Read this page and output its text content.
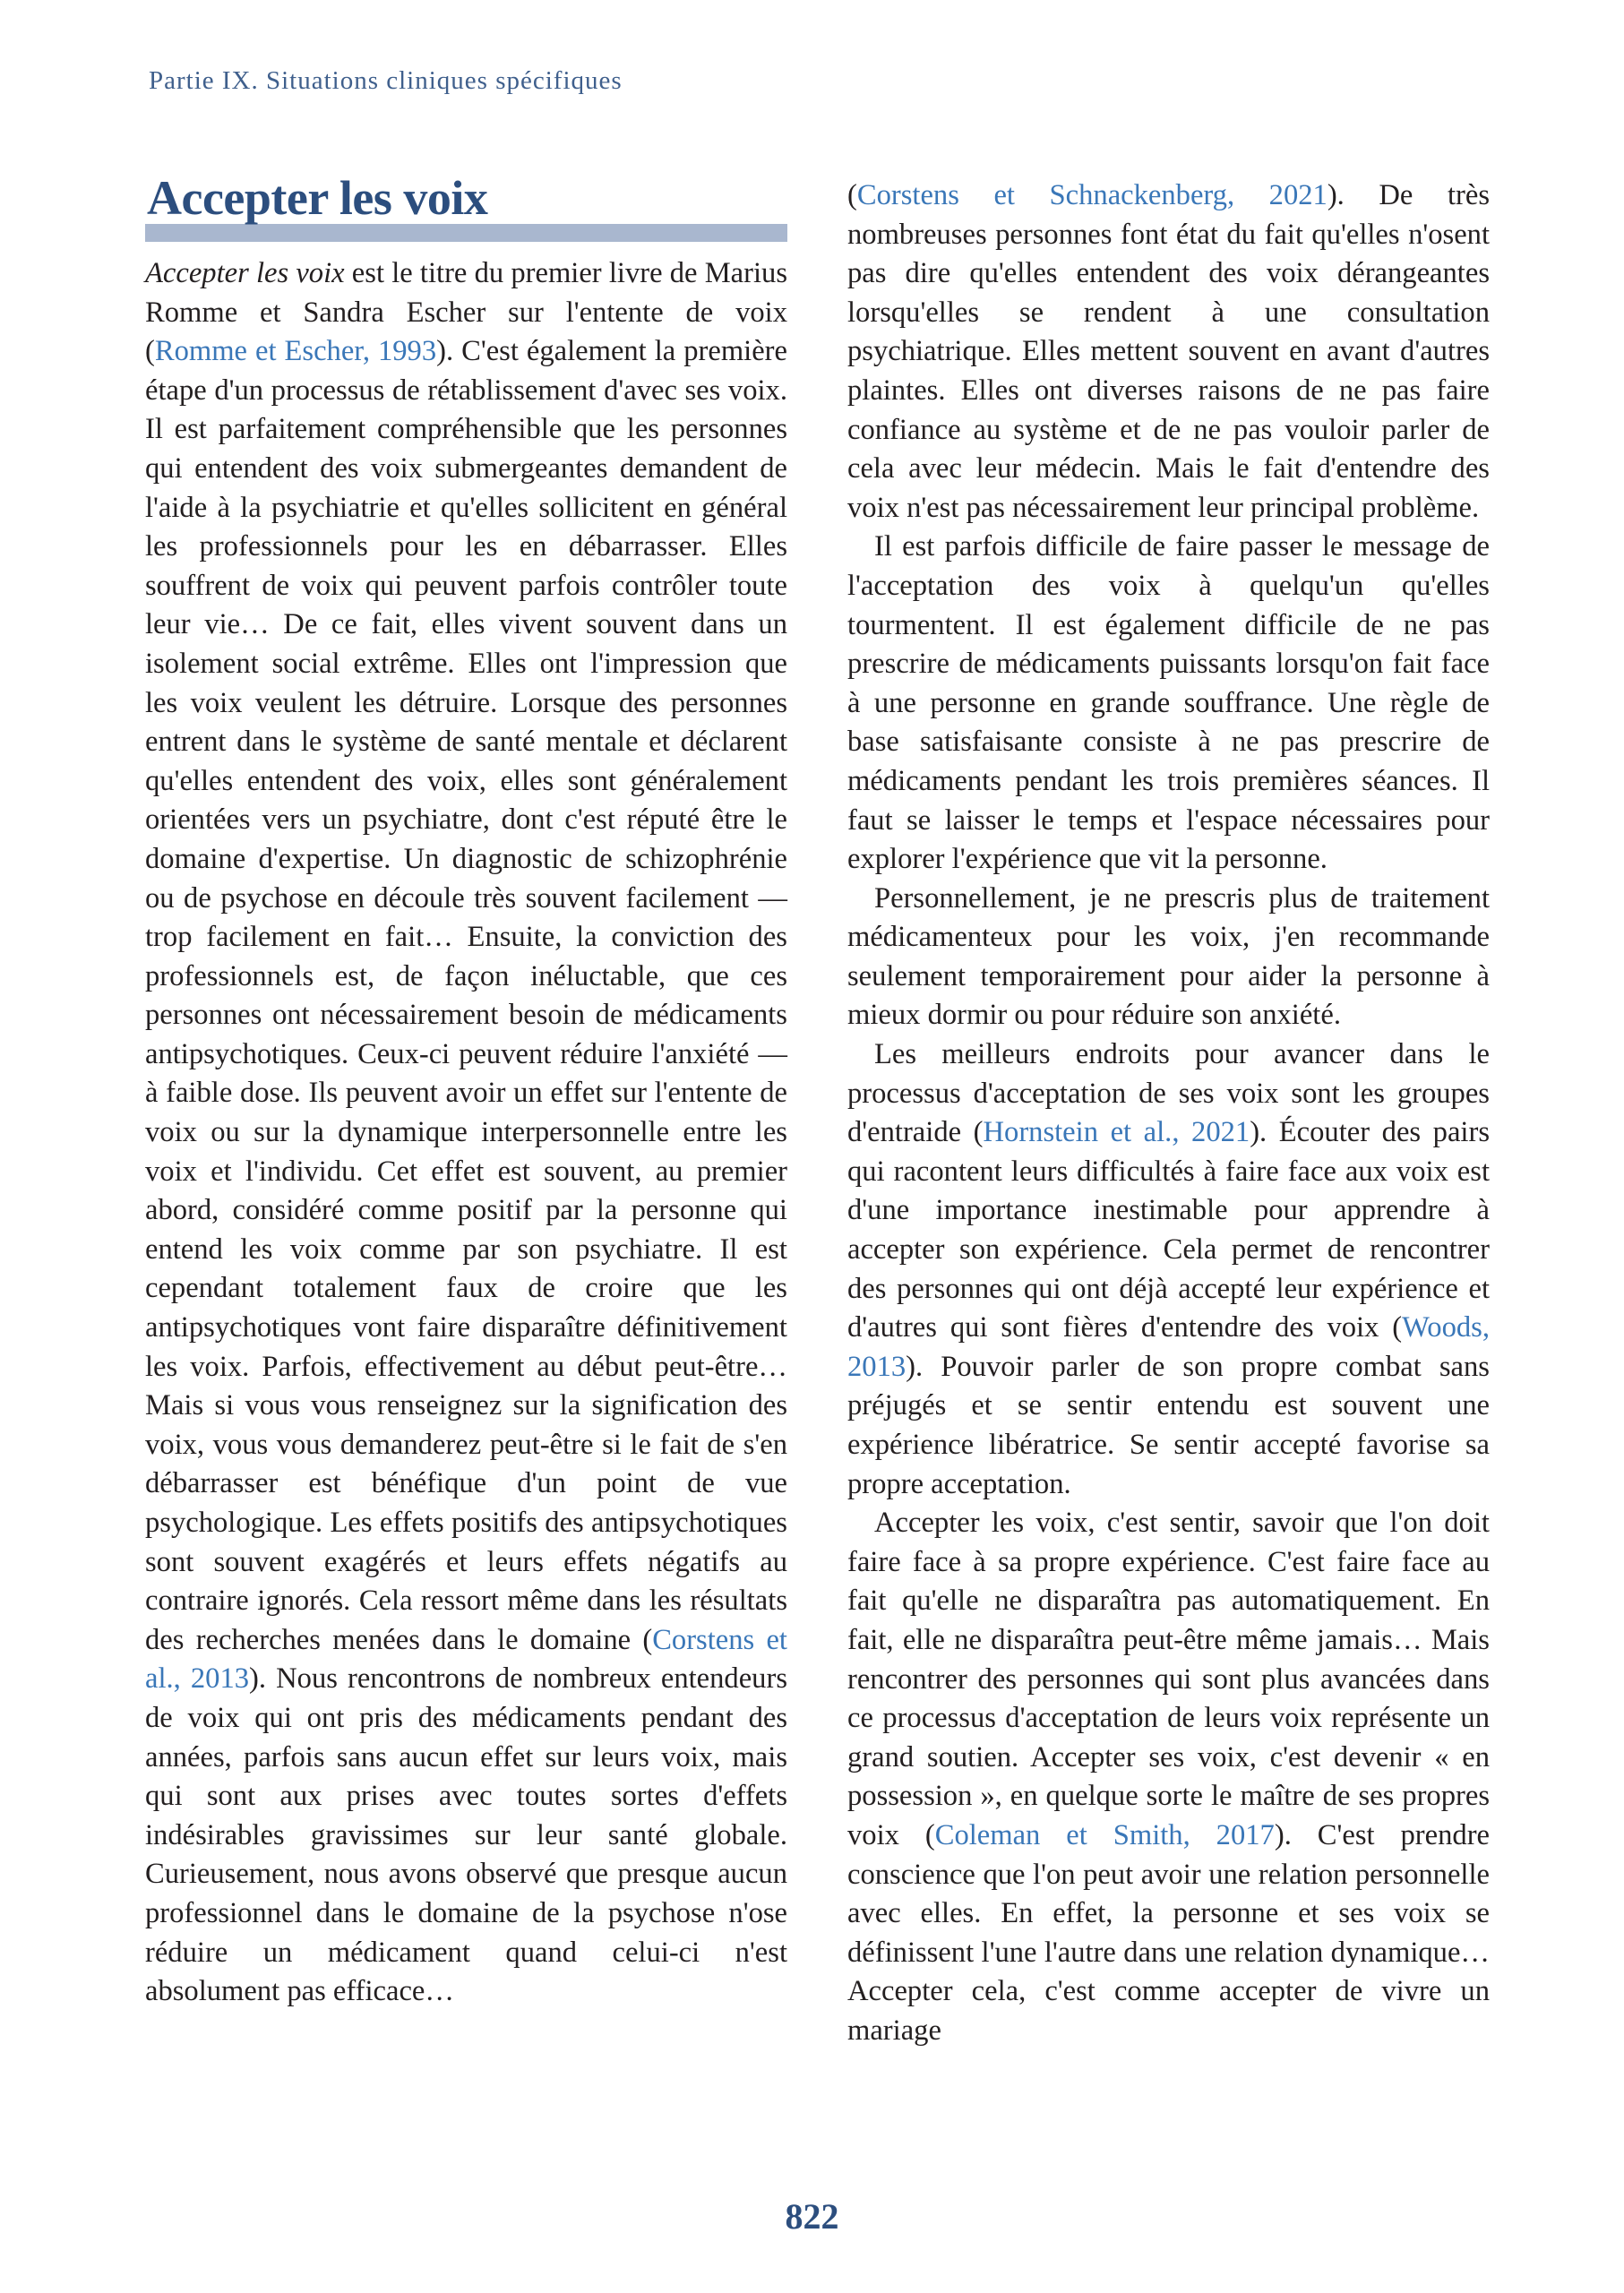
Partie IX. Situations cliniques spécifiques
Accepter les voix

Accepter les voix est le titre du premier livre de Marius Romme et Sandra Escher sur l'entente de voix (Romme et Escher, 1993). C'est également la première étape d'un processus de rétablissement d'avec ses voix. Il est parfaitement compréhensible que les personnes qui entendent des voix submergeantes demandent de l'aide à la psychiatrie et qu'elles sollicitent en général les professionnels pour les en débarrasser. Elles souffrent de voix qui peuvent parfois contrôler toute leur vie… De ce fait, elles vivent souvent dans un isolement social extrême. Elles ont l'impression que les voix veulent les détruire. Lorsque des personnes entrent dans le système de santé mentale et déclarent qu'elles entendent des voix, elles sont généralement orientées vers un psychiatre, dont c'est réputé être le domaine d'expertise. Un diagnostic de schizophrénie ou de psychose en découle très souvent facilement — trop facilement en fait… Ensuite, la conviction des professionnels est, de façon inéluctable, que ces personnes ont nécessairement besoin de médicaments antipsychotiques. Ceux-ci peuvent réduire l'anxiété — à faible dose. Ils peuvent avoir un effet sur l'entente de voix ou sur la dynamique interpersonnelle entre les voix et l'individu. Cet effet est souvent, au premier abord, considéré comme positif par la personne qui entend les voix comme par son psychiatre. Il est cependant totalement faux de croire que les antipsychotiques vont faire disparaître définitivement les voix. Parfois, effectivement au début peut-être… Mais si vous vous renseignez sur la signification des voix, vous vous demanderez peut-être si le fait de s'en débarrasser est bénéfique d'un point de vue psychologique. Les effets positifs des antipsychotiques sont souvent exagérés et leurs effets négatifs au contraire ignorés. Cela ressort même dans les résultats des recherches menées dans le domaine (Corstens et al., 2013). Nous rencontrons de nombreux entendeurs de voix qui ont pris des médicaments pendant des années, parfois sans aucun effet sur leurs voix, mais qui sont aux prises avec toutes sortes d'effets indésirables gravissimes sur leur santé globale. Curieusement, nous avons observé que presque aucun professionnel dans le domaine de la psychose n'ose réduire un médicament quand celui-ci n'est absolument pas efficace…

(Corstens et Schnackenberg, 2021). De très nombreuses personnes font état du fait qu'elles n'osent pas dire qu'elles entendent des voix dérangeantes lorsqu'elles se rendent à une consultation psychiatrique. Elles mettent souvent en avant d'autres plaintes. Elles ont diverses raisons de ne pas faire confiance au système et de ne pas vouloir parler de cela avec leur médecin. Mais le fait d'entendre des voix n'est pas nécessairement leur principal problème.

Il est parfois difficile de faire passer le message de l'acceptation des voix à quelqu'un qu'elles tourmentent. Il est également difficile de ne pas prescrire de médicaments puissants lorsqu'on fait face à une personne en grande souffrance. Une règle de base satisfaisante consiste à ne pas prescrire de médicaments pendant les trois premières séances. Il faut se laisser le temps et l'espace nécessaires pour explorer l'expérience que vit la personne.

Personnellement, je ne prescris plus de traitement médicamenteux pour les voix, j'en recommande seulement temporairement pour aider la personne à mieux dormir ou pour réduire son anxiété.

Les meilleurs endroits pour avancer dans le processus d'acceptation de ses voix sont les groupes d'entraide (Hornstein et al., 2021). Écouter des pairs qui racontent leurs difficultés à faire face aux voix est d'une importance inestimable pour apprendre à accepter son expérience. Cela permet de rencontrer des personnes qui ont déjà accepté leur expérience et d'autres qui sont fières d'entendre des voix (Woods, 2013). Pouvoir parler de son propre combat sans préjugés et se sentir entendu est souvent une expérience libératrice. Se sentir accepté favorise sa propre acceptation.

Accepter les voix, c'est sentir, savoir que l'on doit faire face à sa propre expérience. C'est faire face au fait qu'elle ne disparaîtra pas automatiquement. En fait, elle ne disparaîtra peut-être même jamais… Mais rencontrer des personnes qui sont plus avancées dans ce processus d'acceptation de leurs voix représente un grand soutien. Accepter ses voix, c'est devenir « en possession », en quelque sorte le maître de ses propres voix (Coleman et Smith, 2017). C'est prendre conscience que l'on peut avoir une relation personnelle avec elles. En effet, la personne et ses voix se définissent l'une l'autre dans une relation dynamique… Accepter cela, c'est comme accepter de vivre un mariage

822
